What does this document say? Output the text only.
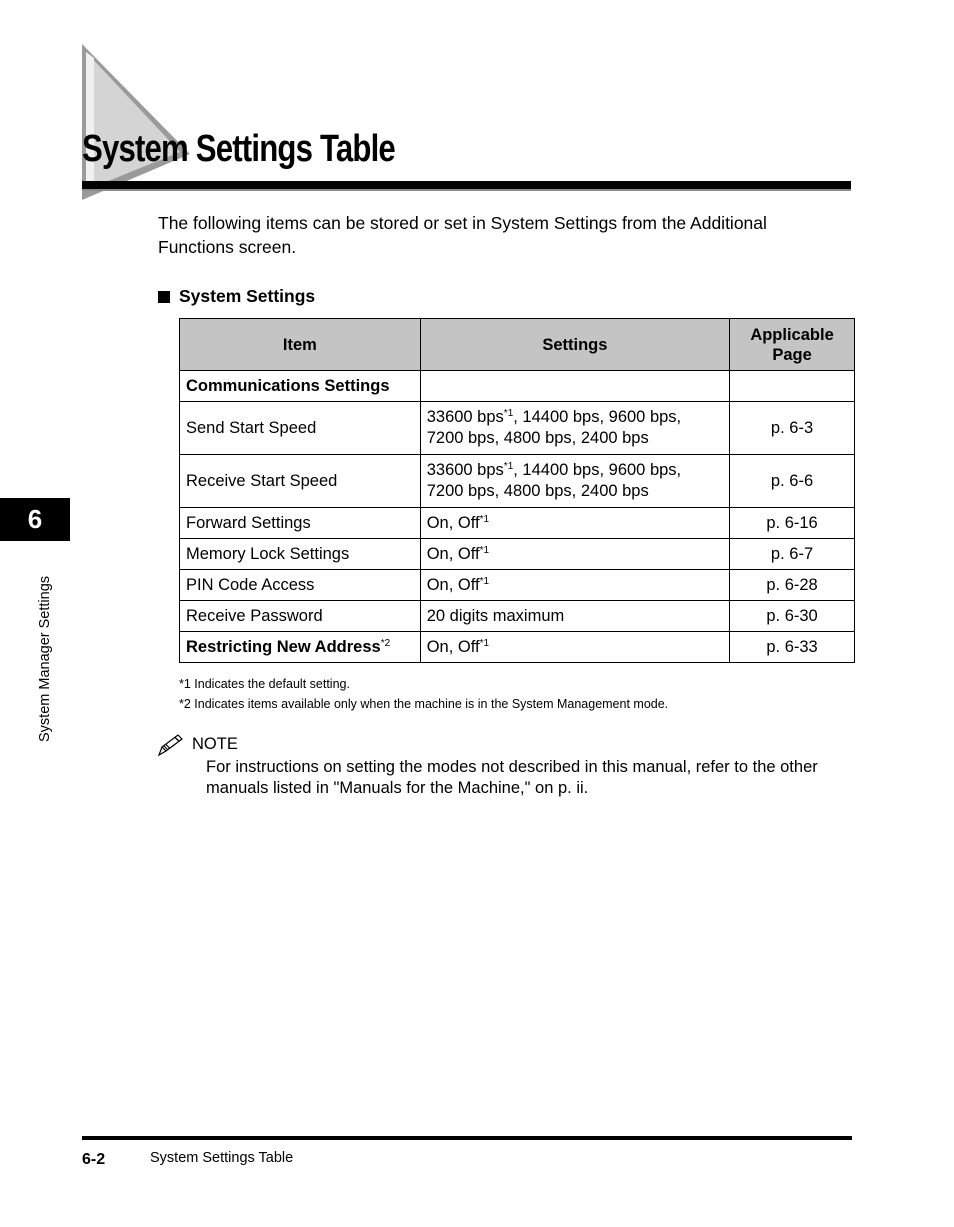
System Settings Table

The following items can be stored or set in System Settings from the Additional Functions screen.

System Settings
Item	Settings	Applicable Page
Communications Settings		
Send Start Speed	33600 bps$^{*1}$, 14400 bps, 9600 bps,
7200 bps, 4800 bps, 2400 bps	p. 6-3
Receive Start Speed	33600 bps$^{*1}$, 14400 bps, 9600 bps,
7200 bps, 4800 bps, 2400 bps	p. 6-6
Forward Settings	On, Off$^{*1}$	p. 6-16
Memory Lock Settings	On, Off$^{*1}$	p. 6-7
PIN Code Access	On, Off$^{*1}$	p. 6-28
Receive Password	20 digits maximum	p. 6-30
Restricting New Address$^{*2}$	On, Off$^{*1}$	p. 6-33

*1 Indicates the default setting.

*2 Indicates items available only when the machine is in the System Management mode.

NOTE

For instructions on setting the modes not described in this manual, refer to the other manuals listed in "Manuals for the Machine," on p. ii.

6

System Manager Settings

6-2	System Settings Table
